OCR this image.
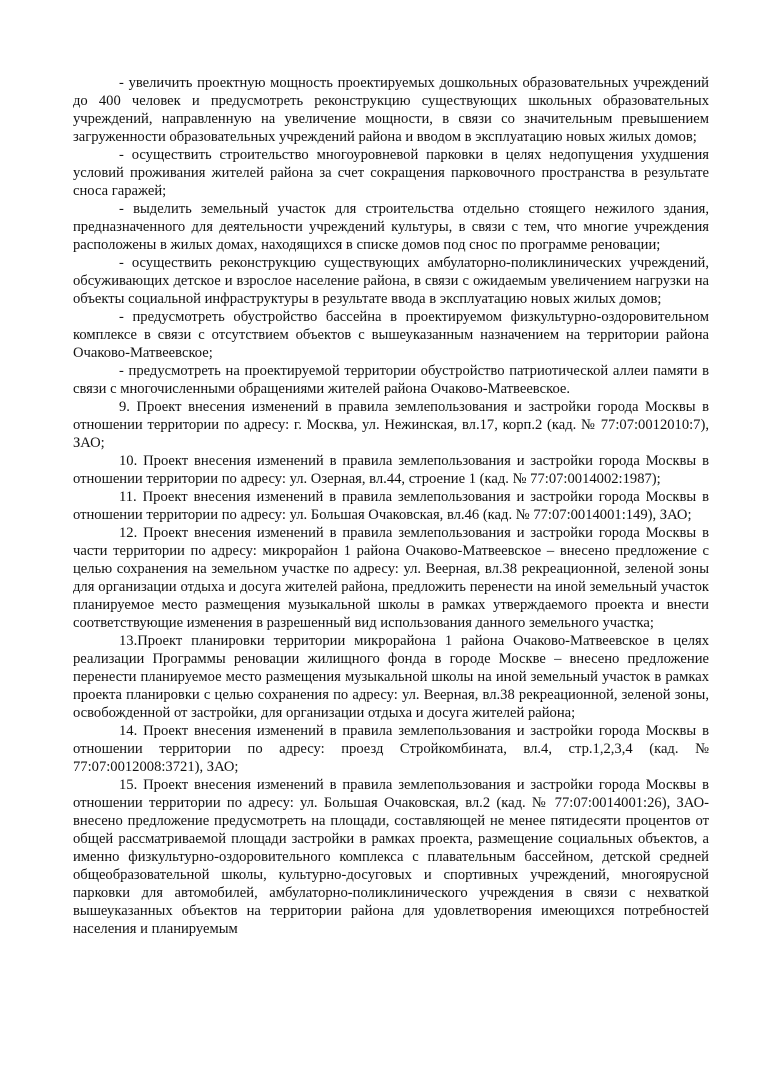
- увеличить проектную мощность проектируемых дошкольных образовательных учреждений до 400 человек и предусмотреть реконструкцию существующих школьных образовательных учреждений, направленную на увеличение мощности, в связи со значительным превышением загруженности образовательных учреждений района и вводом в эксплуатацию новых жилых домов;

- осуществить строительство многоуровневой парковки в целях недопущения ухудшения условий проживания жителей района за счет сокращения парковочного пространства в результате сноса гаражей;

- выделить земельный участок для строительства отдельно стоящего нежилого здания, предназначенного для деятельности учреждений культуры, в связи с тем, что многие учреждения расположены в жилых домах, находящихся в списке домов под снос по программе реновации;

- осуществить реконструкцию существующих амбулаторно-поликлинических учреждений, обсуживающих детское и взрослое население района, в связи с ожидаемым увеличением нагрузки на объекты социальной инфраструктуры в результате ввода в эксплуатацию новых жилых домов;

- предусмотреть обустройство бассейна в проектируемом физкультурно-оздоровительном комплексе в связи с отсутствием объектов с вышеуказанным назначением на территории района Очаково-Матвеевское;

- предусмотреть на проектируемой территории обустройство патриотической аллеи памяти в связи с многочисленными обращениями жителей района Очаково-Матвеевское.

9. Проект внесения изменений в правила землепользования и застройки города Москвы в отношении территории по адресу: г. Москва, ул. Нежинская, вл.17, корп.2 (кад. № 77:07:0012010:7), ЗАО;

10. Проект внесения изменений в правила землепользования и застройки города Москвы в отношении территории по адресу: ул. Озерная, вл.44, строение 1 (кад. № 77:07:0014002:1987);

11. Проект внесения изменений в правила землепользования и застройки города Москвы в отношении территории по адресу: ул. Большая Очаковская, вл.46 (кад. № 77:07:0014001:149), ЗАО;

12. Проект внесения изменений в правила землепользования и застройки города Москвы в части территории по адресу: микрорайон 1 района Очаково-Матвеевское – внесено предложение с целью сохранения на земельном участке по адресу: ул. Веерная, вл.38 рекреационной, зеленой зоны для организации отдыха и досуга жителей района, предложить перенести на иной земельный участок планируемое место размещения музыкальной школы в рамках утверждаемого проекта и внести соответствующие изменения в разрешенный вид использования данного земельного участка;

13.Проект планировки территории микрорайона 1 района Очаково-Матвеевское в целях реализации Программы реновации жилищного фонда в городе Москве – внесено предложение перенести планируемое место размещения музыкальной школы на иной земельный участок в рамках проекта планировки с целью сохранения по адресу: ул. Веерная, вл.38 рекреационной, зеленой зоны, освобожденной от застройки, для организации отдыха и досуга жителей района;

14. Проект внесения изменений в правила землепользования и застройки города Москвы в отношении территории по адресу: проезд Стройкомбината, вл.4, стр.1,2,3,4 (кад. № 77:07:0012008:3721), ЗАО;

15. Проект внесения изменений в правила землепользования и застройки города Москвы в отношении территории по адресу: ул. Большая Очаковская, вл.2 (кад. № 77:07:0014001:26), ЗАО- внесено предложение предусмотреть на площади, составляющей не менее пятидесяти процентов от общей рассматриваемой площади застройки в рамках проекта, размещение социальных объектов, а именно физкультурно-оздоровительного комплекса с плавательным бассейном, детской средней общеобразовательной школы, культурно-досуговых и спортивных учреждений, многоярусной парковки для автомобилей, амбулаторно-поликлинического учреждения в связи с нехваткой вышеуказанных объектов на территории района для удовлетворения имеющихся потребностей населения и планируемым
